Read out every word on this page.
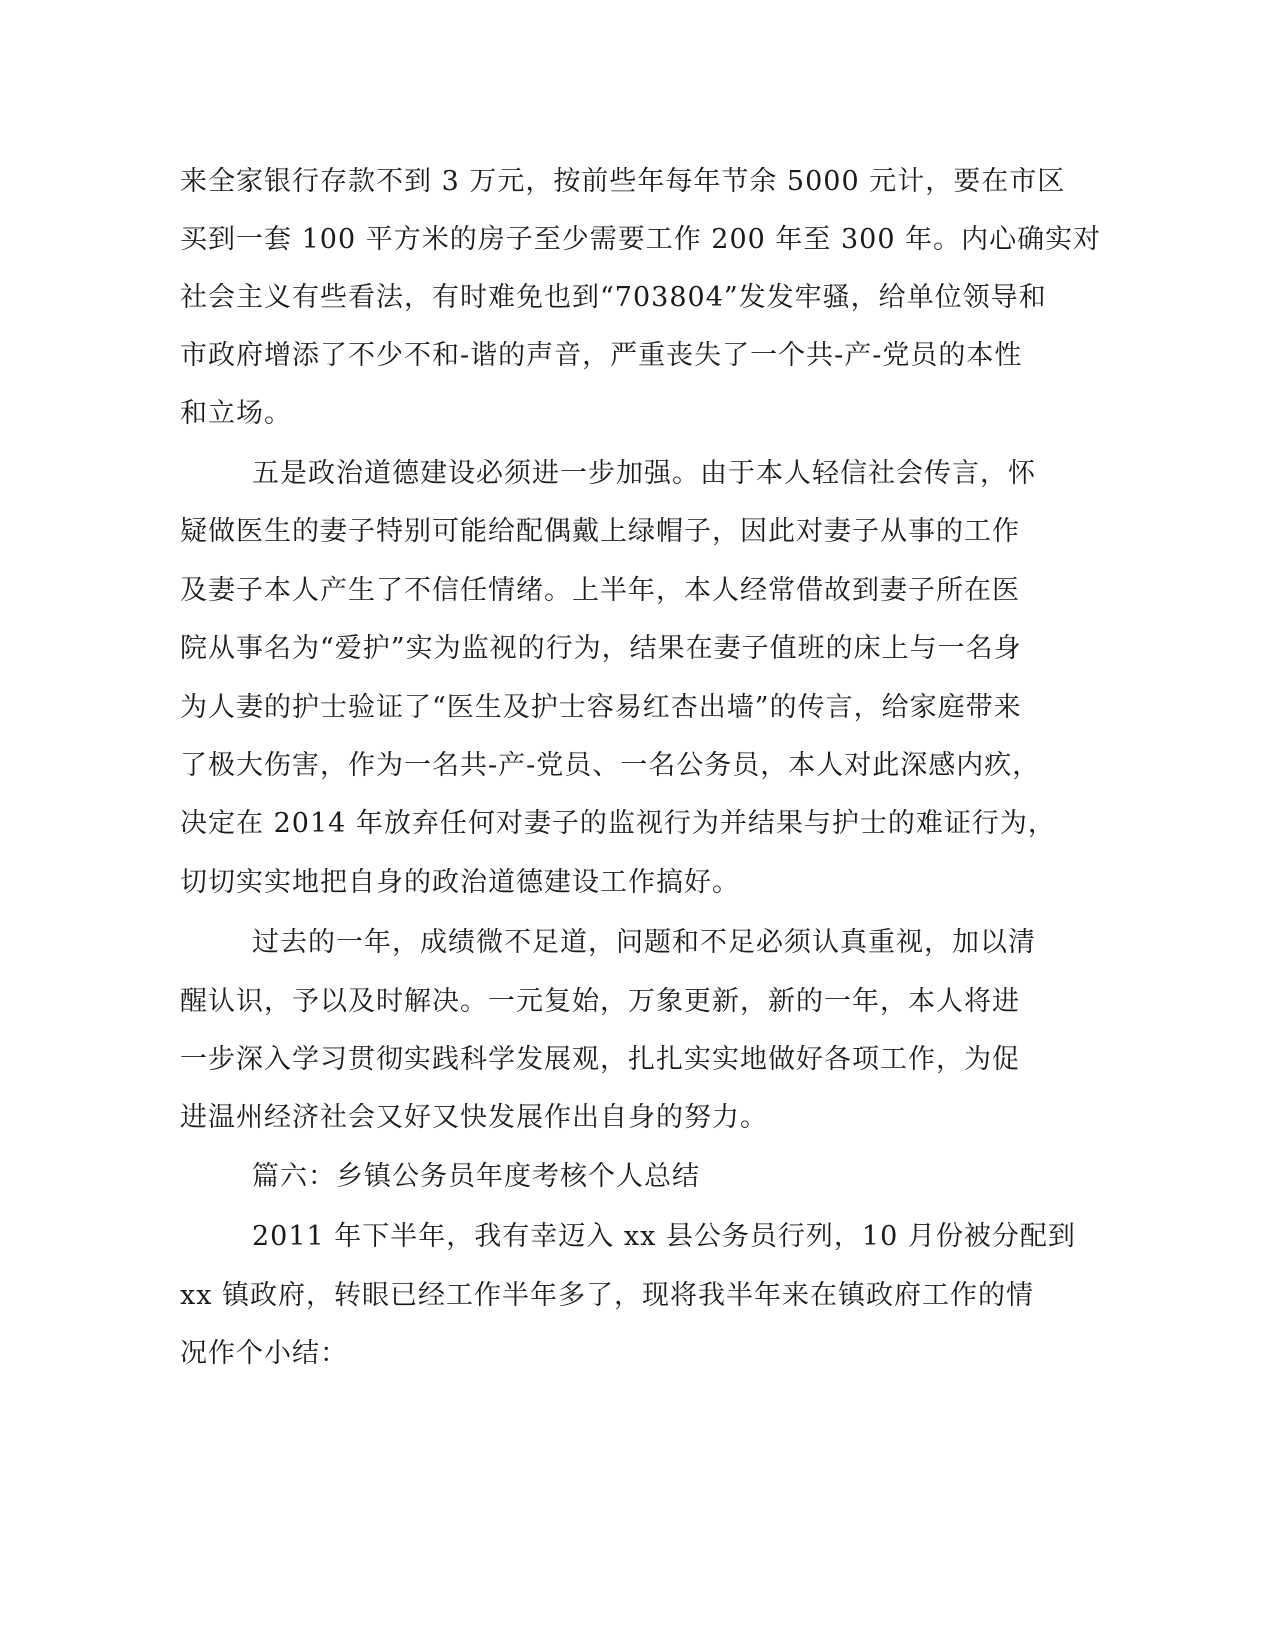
来全家银行存款不到 3 万元，按前些年每年节余 5000 元计，要在市区
买到一套 100 平方米的房子至少需要工作 200 年至 300 年。内心确实对
社会主义有些看法，有时难免也到“703804”发发牢骚，给单位领导和
市政府增添了不少不和-谐的声音，严重丧失了一个共-产-党员的本性
和立场。
五是政治道德建设必须进一步加强。由于本人轻信社会传言，怀
疑做医生的妻子特别可能给配偶戴上绿帽子，因此对妻子从事的工作
及妻子本人产生了不信任情绪。上半年，本人经常借故到妻子所在医
院从事名为“爱护”实为监视的行为，结果在妻子值班的床上与一名身
为人妻的护士验证了“医生及护士容易红杏出墙”的传言，给家庭带来
了极大伤害，作为一名共-产-党员、一名公务员，本人对此深感内疚，
决定在 2014 年放弃任何对妻子的监视行为并结果与护士的难证行为，
切切实实地把自身的政治道德建设工作搞好。
过去的一年，成绩微不足道，问题和不足必须认真重视，加以清
醒认识，予以及时解决。一元复始，万象更新，新的一年，本人将进
一步深入学习贯彻实践科学发展观，扎扎实实地做好各项工作，为促
进温州经济社会又好又快发展作出自身的努力。
篇六：乡镇公务员年度考核个人总结
2011 年下半年，我有幸迈入 xx 县公务员行列，10 月份被分配到
xx 镇政府，转眼已经工作半年多了，现将我半年来在镇政府工作的情
况作个小结：
